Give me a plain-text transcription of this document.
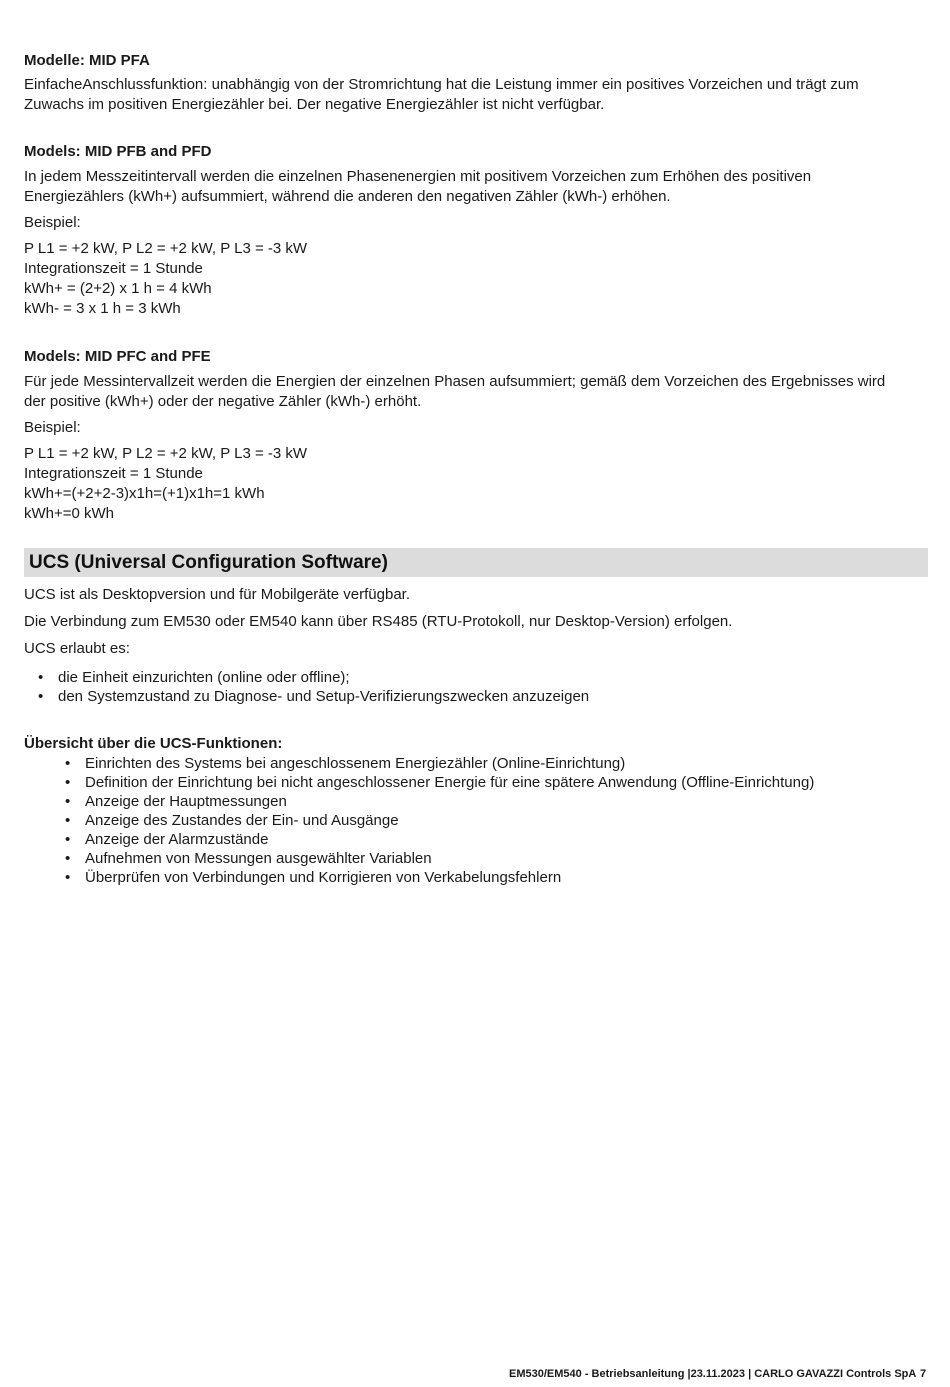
Modelle: MID PFA

EinfacheAnschlussfunktion: unabhängig von der Stromrichtung hat die Leistung immer ein positives Vorzeichen und trägt zum

Zuwachs im positiven Energiezähler bei. Der negative Energiezähler ist nicht verfügbar.

Models: MID PFB and PFD

In jedem Messzeitintervall werden die einzelnen Phasenenergien mit positivem Vorzeichen zum Erhöhen des positiven

Energiezählers (kWh+) aufsummiert, während die anderen den negativen Zähler (kWh-) erhöhen.

Beispiel:

P L1 = +2 kW, P L2 = +2 kW, P L3 = -3 kW

Integrationszeit = 1 Stunde

kWh+ = (2+2) x 1 h = 4 kWh

kWh- = 3 x 1 h = 3 kWh

Models: MID PFC and PFE

Für jede Messintervallzeit werden die Energien der einzelnen Phasen aufsummiert; gemäß dem Vorzeichen des Ergebnisses wird

der positive (kWh+) oder der negative Zähler (kWh-) erhöht.

Beispiel:

P L1 = +2 kW, P L2 = +2 kW, P L3 = -3 kW

Integrationszeit = 1 Stunde

kWh+=(+2+2-3)x1h=(+1)x1h=1 kWh

kWh+=0 kWh

UCS (Universal Configuration Software)

UCS ist als Desktopversion und für Mobilgeräte verfügbar.

Die Verbindung zum EM530 oder EM540 kann über RS485 (RTU-Protokoll, nur Desktop-Version) erfolgen.

UCS erlaubt es:

• die Einheit einzurichten (online oder offline);
• den Systemzustand zu Diagnose- und Setup-Verifizierungszwecken anzuzeigen

Übersicht über die UCS-Funktionen:

• Einrichten des Systems bei angeschlossenem Energiezähler (Online-Einrichtung)
• Definition der Einrichtung bei nicht angeschlossener Energie für eine spätere Anwendung (Offline-Einrichtung)
• Anzeige der Hauptmessungen
• Anzeige des Zustandes der Ein- und Ausgänge
• Anzeige der Alarmzustände
• Aufnehmen von Messungen ausgewählter Variablen
• Überprüfen von Verbindungen und Korrigieren von Verkabelungsfehlern
EM530/EM540 - Betriebsanleitung |23.11.2023 | CARLO GAVAZZI Controls SpA 7
